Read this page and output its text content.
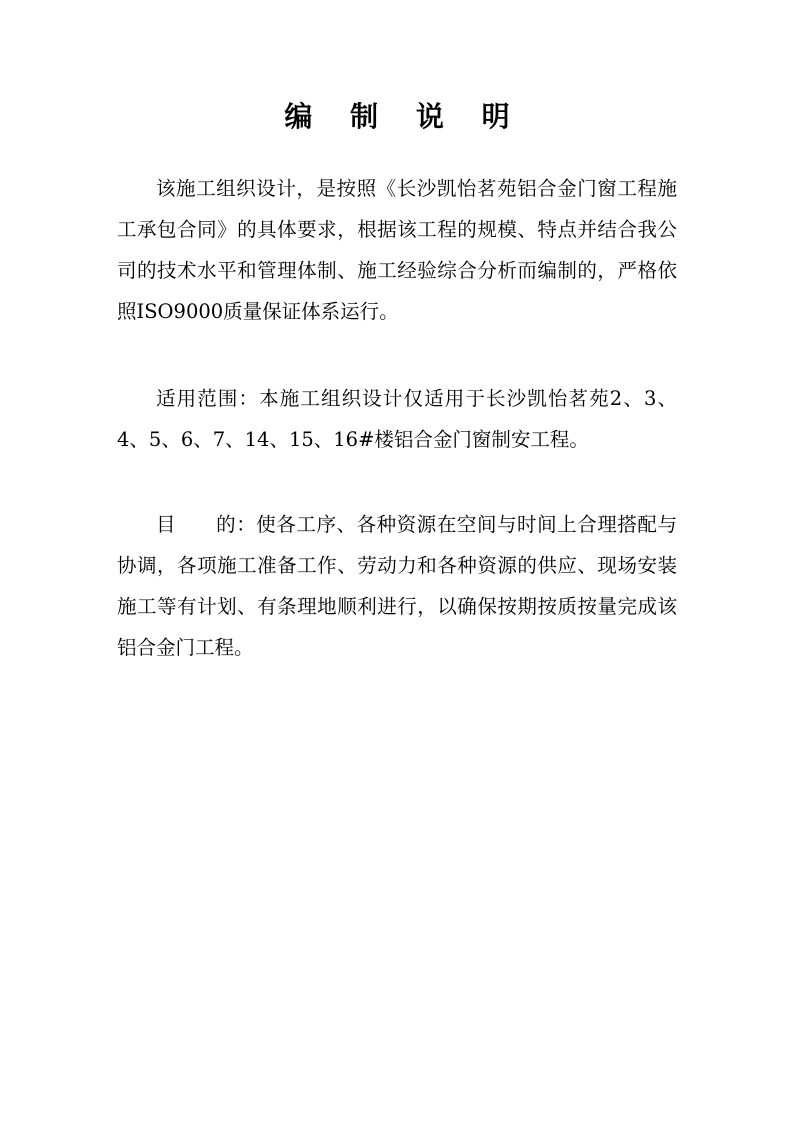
编 制 说 明

该施工组织设计，是按照《长沙凯怡茗苑铝合金门窗工程施工承包合同》的具体要求，根据该工程的规模、特点并结合我公司的技术水平和管理体制、施工经验综合分析而编制的，严格依照ISO9000质量保证体系运行。

适用范围：本施工组织设计仅适用于长沙凯怡茗苑2、3、4、5、6、7、14、15、16#楼铝合金门窗制安工程。

目　　的：使各工序、各种资源在空间与时间上合理搭配与协调，各项施工准备工作、劳动力和各种资源的供应、现场安装施工等有计划、有条理地顺利进行，以确保按期按质按量完成该铝合金门工程。
